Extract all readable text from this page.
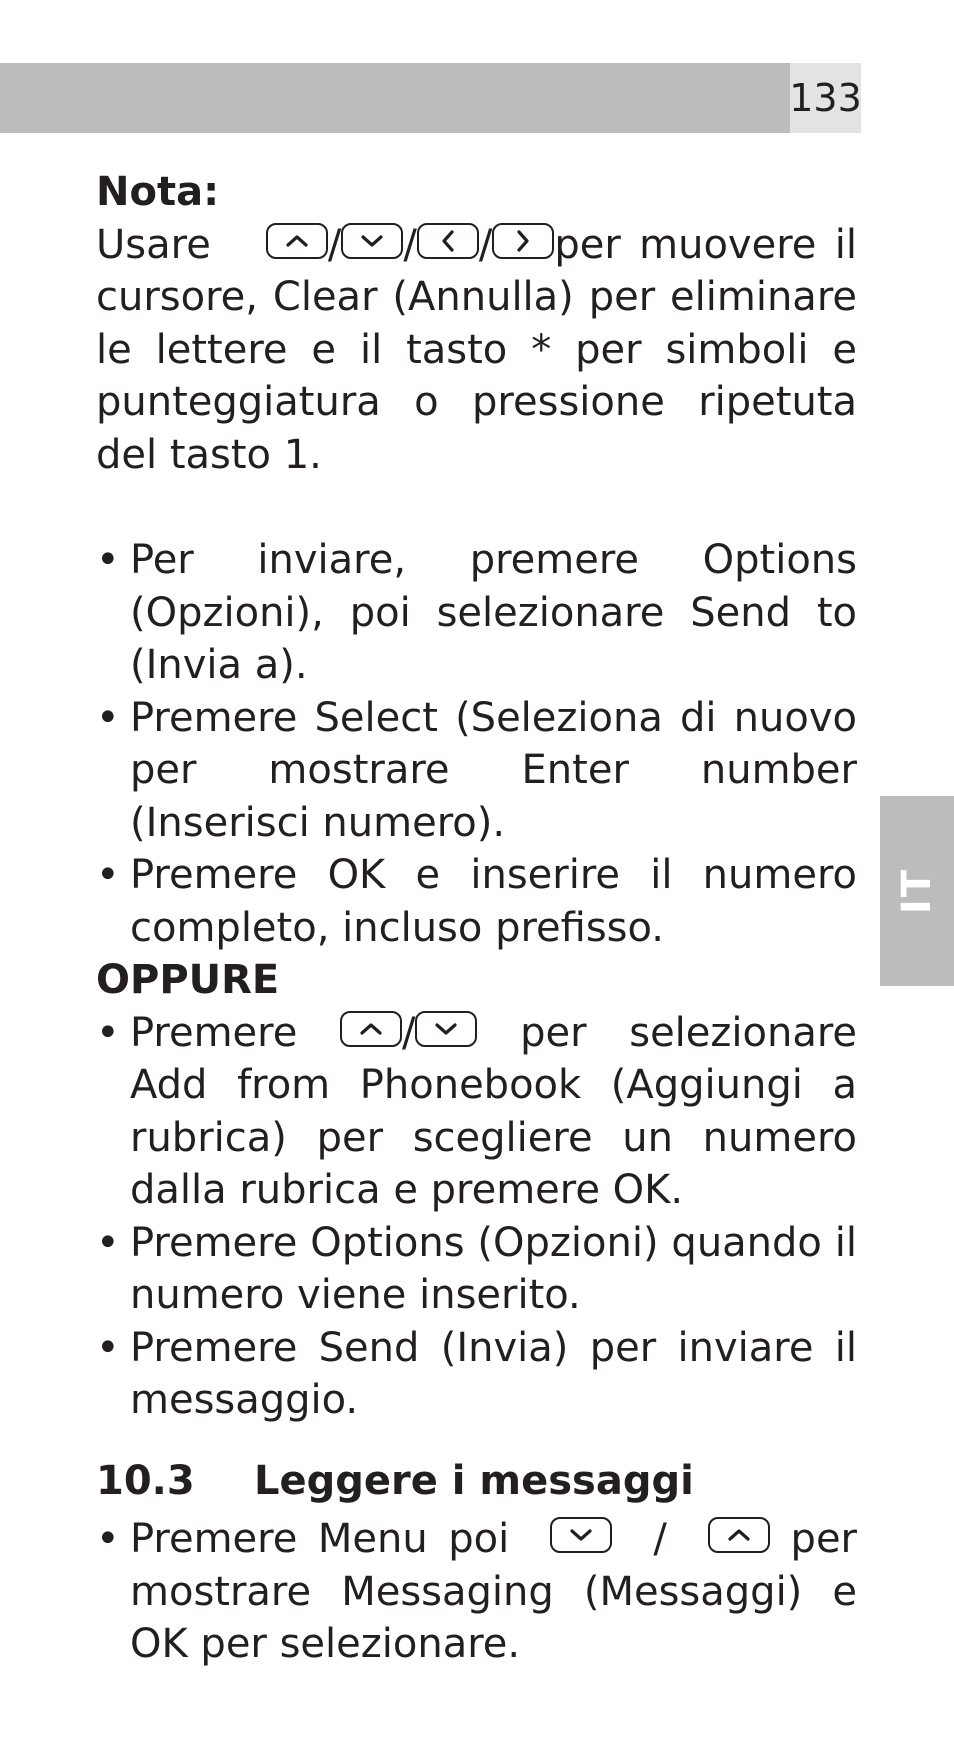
133
IT

Nota:

Usare	/ / / per muovere il cursore, Clear (Annulla) per eliminare le lettere e il tasto * per simboli e punteggiatura o pressione ripetuta del tasto 1.

• Per inviare, premere Options (Opzioni), poi selezionare Send to (Invia a).
• Premere Select (Seleziona di nuovo per mostrare Enter number (Inserisci numero).
• Premere OK e inserire il numero completo, incluso prefisso.

OPPURE

• Premere	/	per selezionare Add from Phonebook (Aggiungi a rubrica) per scegliere un numero dalla rubrica e premere OK.
• Premere Options (Opzioni) quando il numero viene inserito.
• Premere Send (Invia) per inviare il messaggio.
10.3	Leggere i messaggi
• Premere Menu poi	/	per mostrare Messaging (Messaggi) e OK per selezionare.
